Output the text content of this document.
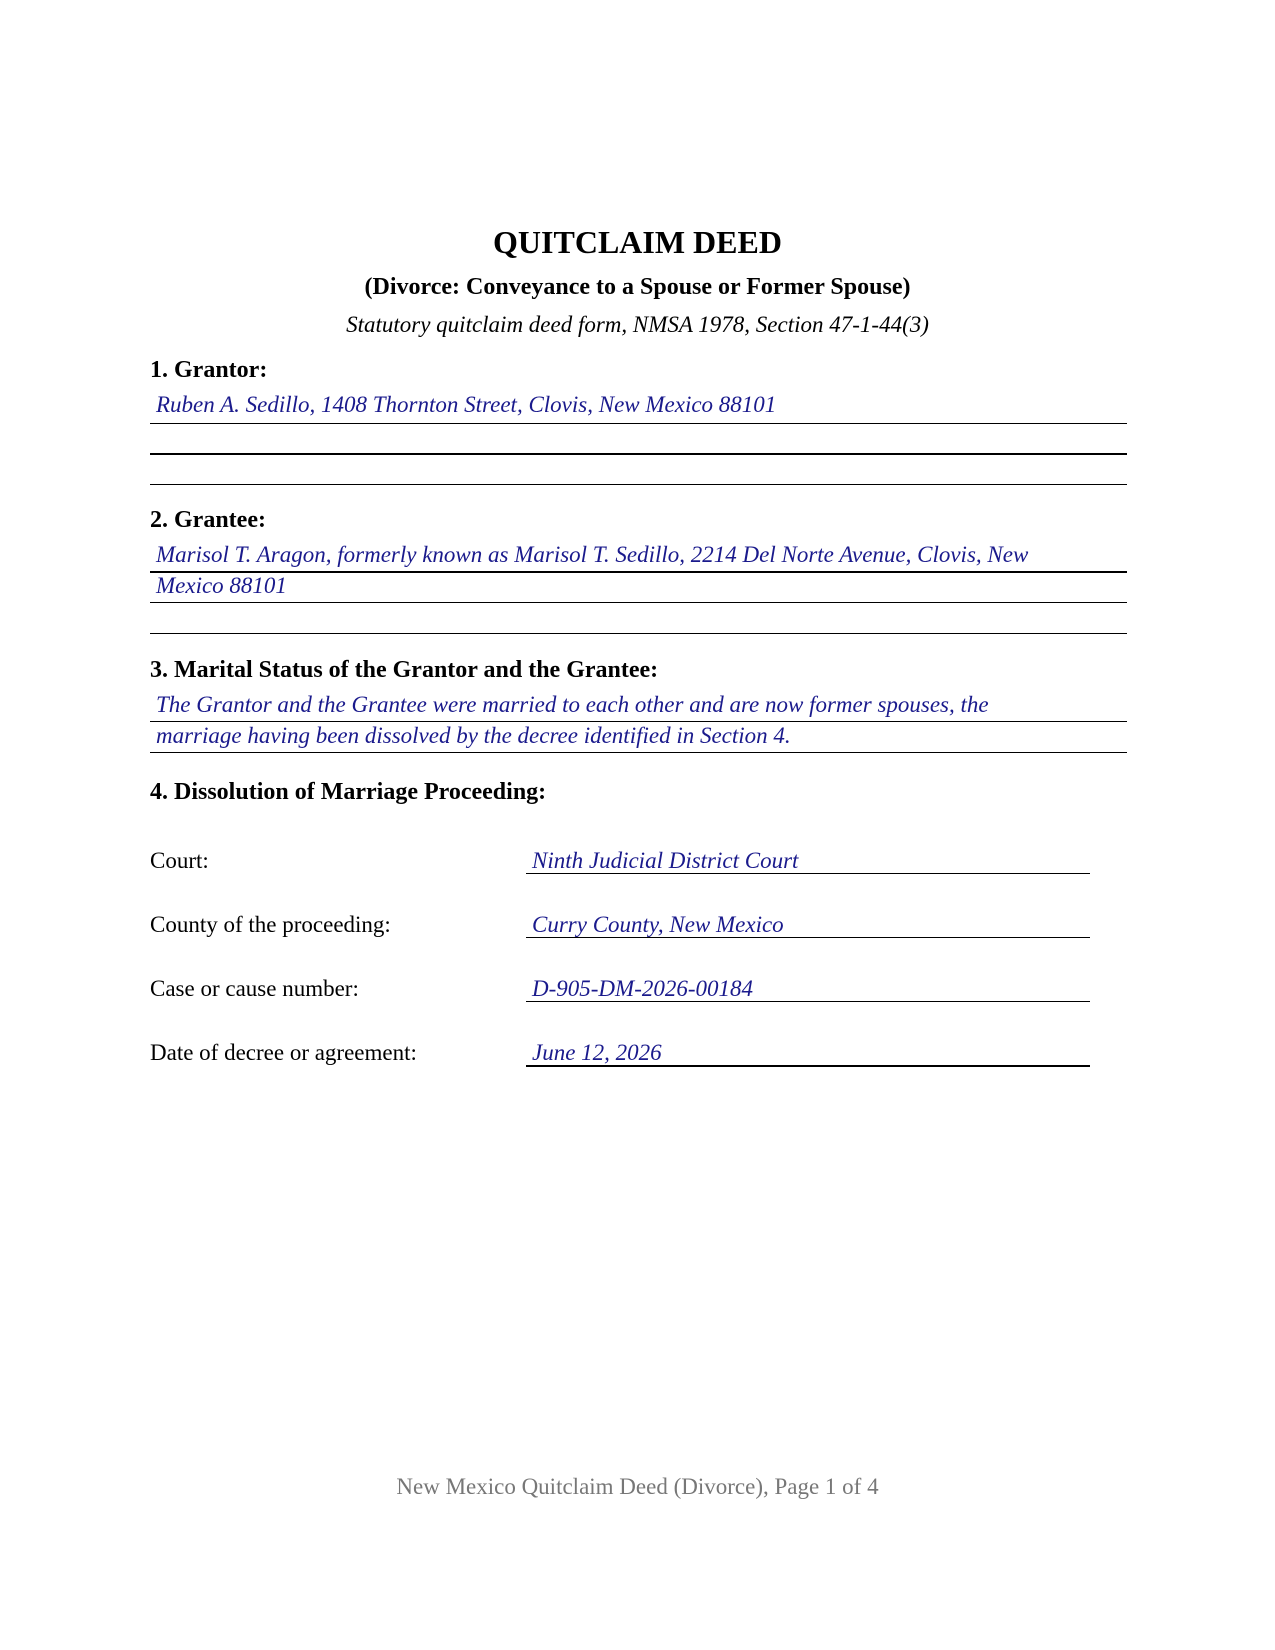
QUITCLAIM DEED
(Divorce: Conveyance to a Spouse or Former Spouse)
Statutory quitclaim deed form, NMSA 1978, Section 47-1-44(3)
1. Grantor:
Ruben A. Sedillo, 1408 Thornton Street, Clovis, New Mexico 88101
2. Grantee:
Marisol T. Aragon, formerly known as Marisol T. Sedillo, 2214 Del Norte Avenue, Clovis, New
Mexico 88101
3. Marital Status of the Grantor and the Grantee:
The Grantor and the Grantee were married to each other and are now former spouses, the
marriage having been dissolved by the decree identified in Section 4.
4. Dissolution of Marriage Proceeding:
Court:	Ninth Judicial District Court
County of the proceeding:	Curry County, New Mexico
Case or cause number:	D-905-DM-2026-00184
Date of decree or agreement:	June 12, 2026
New Mexico Quitclaim Deed (Divorce), Page 1 of 4
